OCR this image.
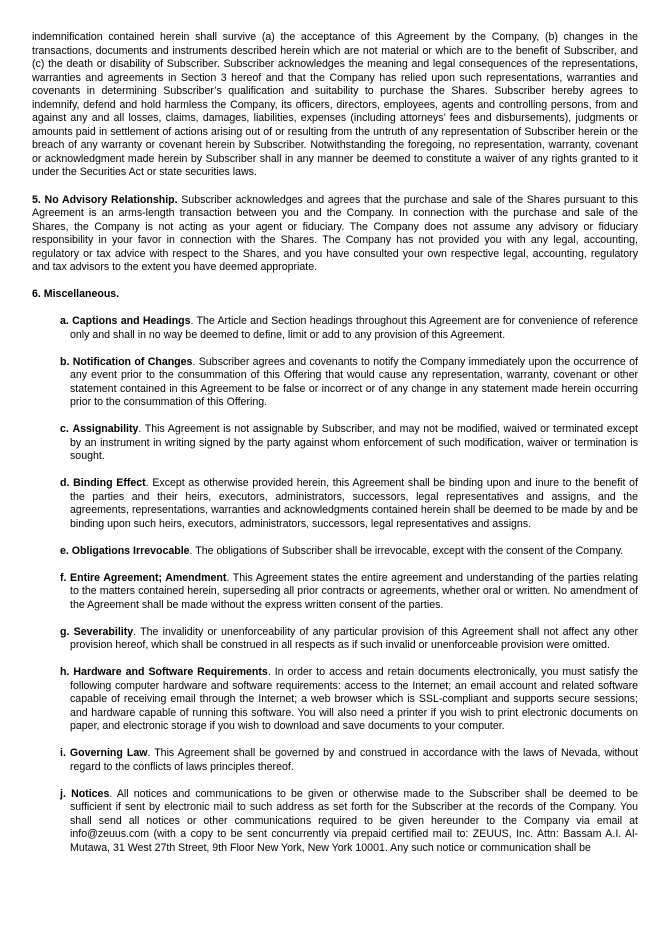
indemnification contained herein shall survive (a) the acceptance of this Agreement by the Company, (b) changes in the transactions, documents and instruments described herein which are not material or which are to the benefit of Subscriber, and (c) the death or disability of Subscriber. Subscriber acknowledges the meaning and legal consequences of the representations, warranties and agreements in Section 3 hereof and that the Company has relied upon such representations, warranties and covenants in determining Subscriber’s qualification and suitability to purchase the Shares. Subscriber hereby agrees to indemnify, defend and hold harmless the Company, its officers, directors, employees, agents and controlling persons, from and against any and all losses, claims, damages, liabilities, expenses (including attorneys’ fees and disbursements), judgments or amounts paid in settlement of actions arising out of or resulting from the untruth of any representation of Subscriber herein or the breach of any warranty or covenant herein by Subscriber. Notwithstanding the foregoing, no representation, warranty, covenant or acknowledgment made herein by Subscriber shall in any manner be deemed to constitute a waiver of any rights granted to it under the Securities Act or state securities laws.

5. No Advisory Relationship. Subscriber acknowledges and agrees that the purchase and sale of the Shares pursuant to this Agreement is an arms-length transaction between you and the Company. In connection with the purchase and sale of the Shares, the Company is not acting as your agent or fiduciary. The Company does not assume any advisory or fiduciary responsibility in your favor in connection with the Shares. The Company has not provided you with any legal, accounting, regulatory or tax advice with respect to the Shares, and you have consulted your own respective legal, accounting, regulatory and tax advisors to the extent you have deemed appropriate.

6. Miscellaneous.

a. Captions and Headings. The Article and Section headings throughout this Agreement are for convenience of reference only and shall in no way be deemed to define, limit or add to any provision of this Agreement.

b. Notification of Changes. Subscriber agrees and covenants to notify the Company immediately upon the occurrence of any event prior to the consummation of this Offering that would cause any representation, warranty, covenant or other statement contained in this Agreement to be false or incorrect or of any change in any statement made herein occurring prior to the consummation of this Offering.

c. Assignability. This Agreement is not assignable by Subscriber, and may not be modified, waived or terminated except by an instrument in writing signed by the party against whom enforcement of such modification, waiver or termination is sought.

d. Binding Effect. Except as otherwise provided herein, this Agreement shall be binding upon and inure to the benefit of the parties and their heirs, executors, administrators, successors, legal representatives and assigns, and the agreements, representations, warranties and acknowledgments contained herein shall be deemed to be made by and be binding upon such heirs, executors, administrators, successors, legal representatives and assigns.

e. Obligations Irrevocable. The obligations of Subscriber shall be irrevocable, except with the consent of the Company.

f. Entire Agreement; Amendment. This Agreement states the entire agreement and understanding of the parties relating to the matters contained herein, superseding all prior contracts or agreements, whether oral or written. No amendment of the Agreement shall be made without the express written consent of the parties.

g. Severability. The invalidity or unenforceability of any particular provision of this Agreement shall not affect any other provision hereof, which shall be construed in all respects as if such invalid or unenforceable provision were omitted.

h. Hardware and Software Requirements. In order to access and retain documents electronically, you must satisfy the following computer hardware and software requirements: access to the Internet; an email account and related software capable of receiving email through the Internet; a web browser which is SSL-compliant and supports secure sessions; and hardware capable of running this software. You will also need a printer if you wish to print electronic documents on paper, and electronic storage if you wish to download and save documents to your computer.

i. Governing Law. This Agreement shall be governed by and construed in accordance with the laws of Nevada, without regard to the conflicts of laws principles thereof.

j. Notices. All notices and communications to be given or otherwise made to the Subscriber shall be deemed to be sufficient if sent by electronic mail to such address as set forth for the Subscriber at the records of the Company. You shall send all notices or other communications required to be given hereunder to the Company via email at info@zeuus.com (with a copy to be sent concurrently via prepaid certified mail to: ZEUUS, Inc. Attn: Bassam A.I. Al-Mutawa, 31 West 27th Street, 9th Floor New York, New York 10001. Any such notice or communication shall be
